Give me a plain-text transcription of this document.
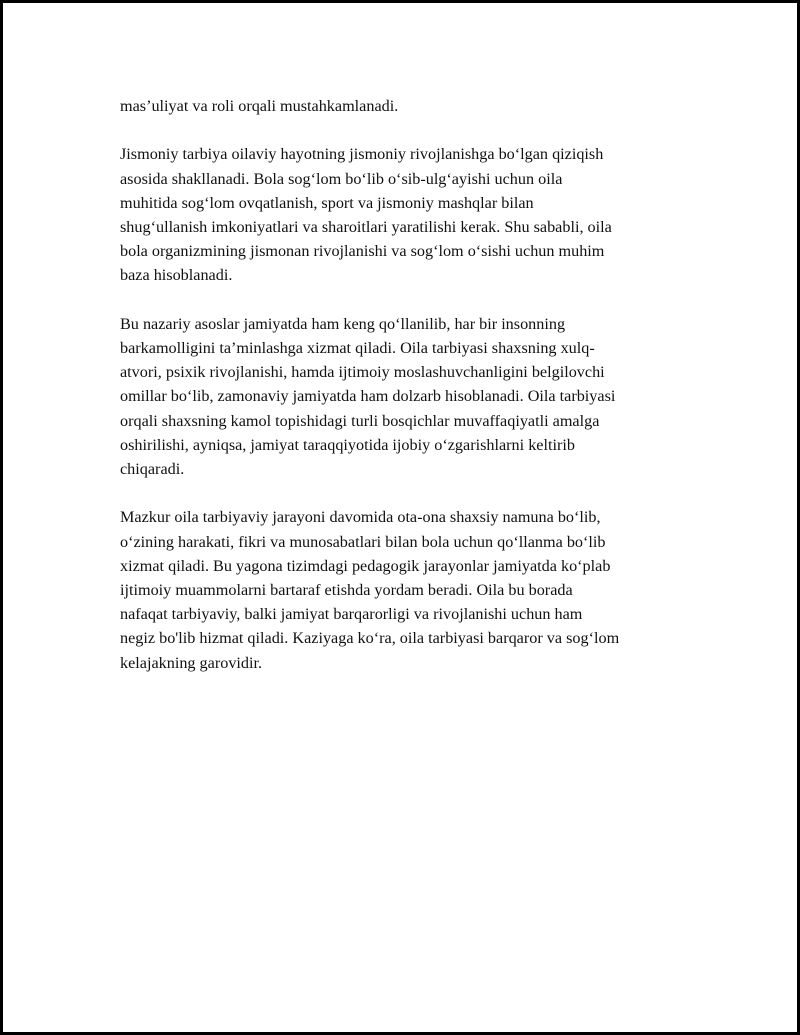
mas’uliyat va roli orqali mustahkamlanadi.

Jismoniy tarbiya oilaviy hayotning jismoniy rivojlanishga bo‘lgan qiziqish
asosida shakllanadi. Bola sog‘lom bo‘lib o‘sib-ulg‘ayishi uchun oila
muhitida sog‘lom ovqatlanish, sport va jismoniy mashqlar bilan
shug‘ullanish imkoniyatlari va sharoitlari yaratilishi kerak. Shu sababli, oila
bola organizmining jismonan rivojlanishi va sog‘lom o‘sishi uchun muhim
baza hisoblanadi.

Bu nazariy asoslar jamiyatda ham keng qo‘llanilib, har bir insonning
barkamolligini ta’minlashga xizmat qiladi. Oila tarbiyasi shaxsning xulq-
atvori, psixik rivojlanishi, hamda ijtimoiy moslashuvchanligini belgilovchi
omillar bo‘lib, zamonaviy jamiyatda ham dolzarb hisoblanadi. Oila tarbiyasi
orqali shaxsning kamol topishidagi turli bosqichlar muvaffaqiyatli amalga
oshirilishi, ayniqsa, jamiyat taraqqiyotida ijobiy o‘zgarishlarni keltirib
chiqaradi.

Mazkur oila tarbiyaviy jarayoni davomida ota-ona shaxsiy namuna bo‘lib,
o‘zining harakati, fikri va munosabatlari bilan bola uchun qo‘llanma bo‘lib
xizmat qiladi. Bu yagona tizimdagi pedagogik jarayonlar jamiyatda ko‘plab
ijtimoiy muammolarni bartaraf etishda yordam beradi. Oila bu borada
nafaqat tarbiyaviy, balki jamiyat barqarorligi va rivojlanishi uchun ham
negiz bo'lib hizmat qiladi. Kaziyaga ko‘ra, oila tarbiyasi barqaror va sog‘lom
kelajakning garovidir.
